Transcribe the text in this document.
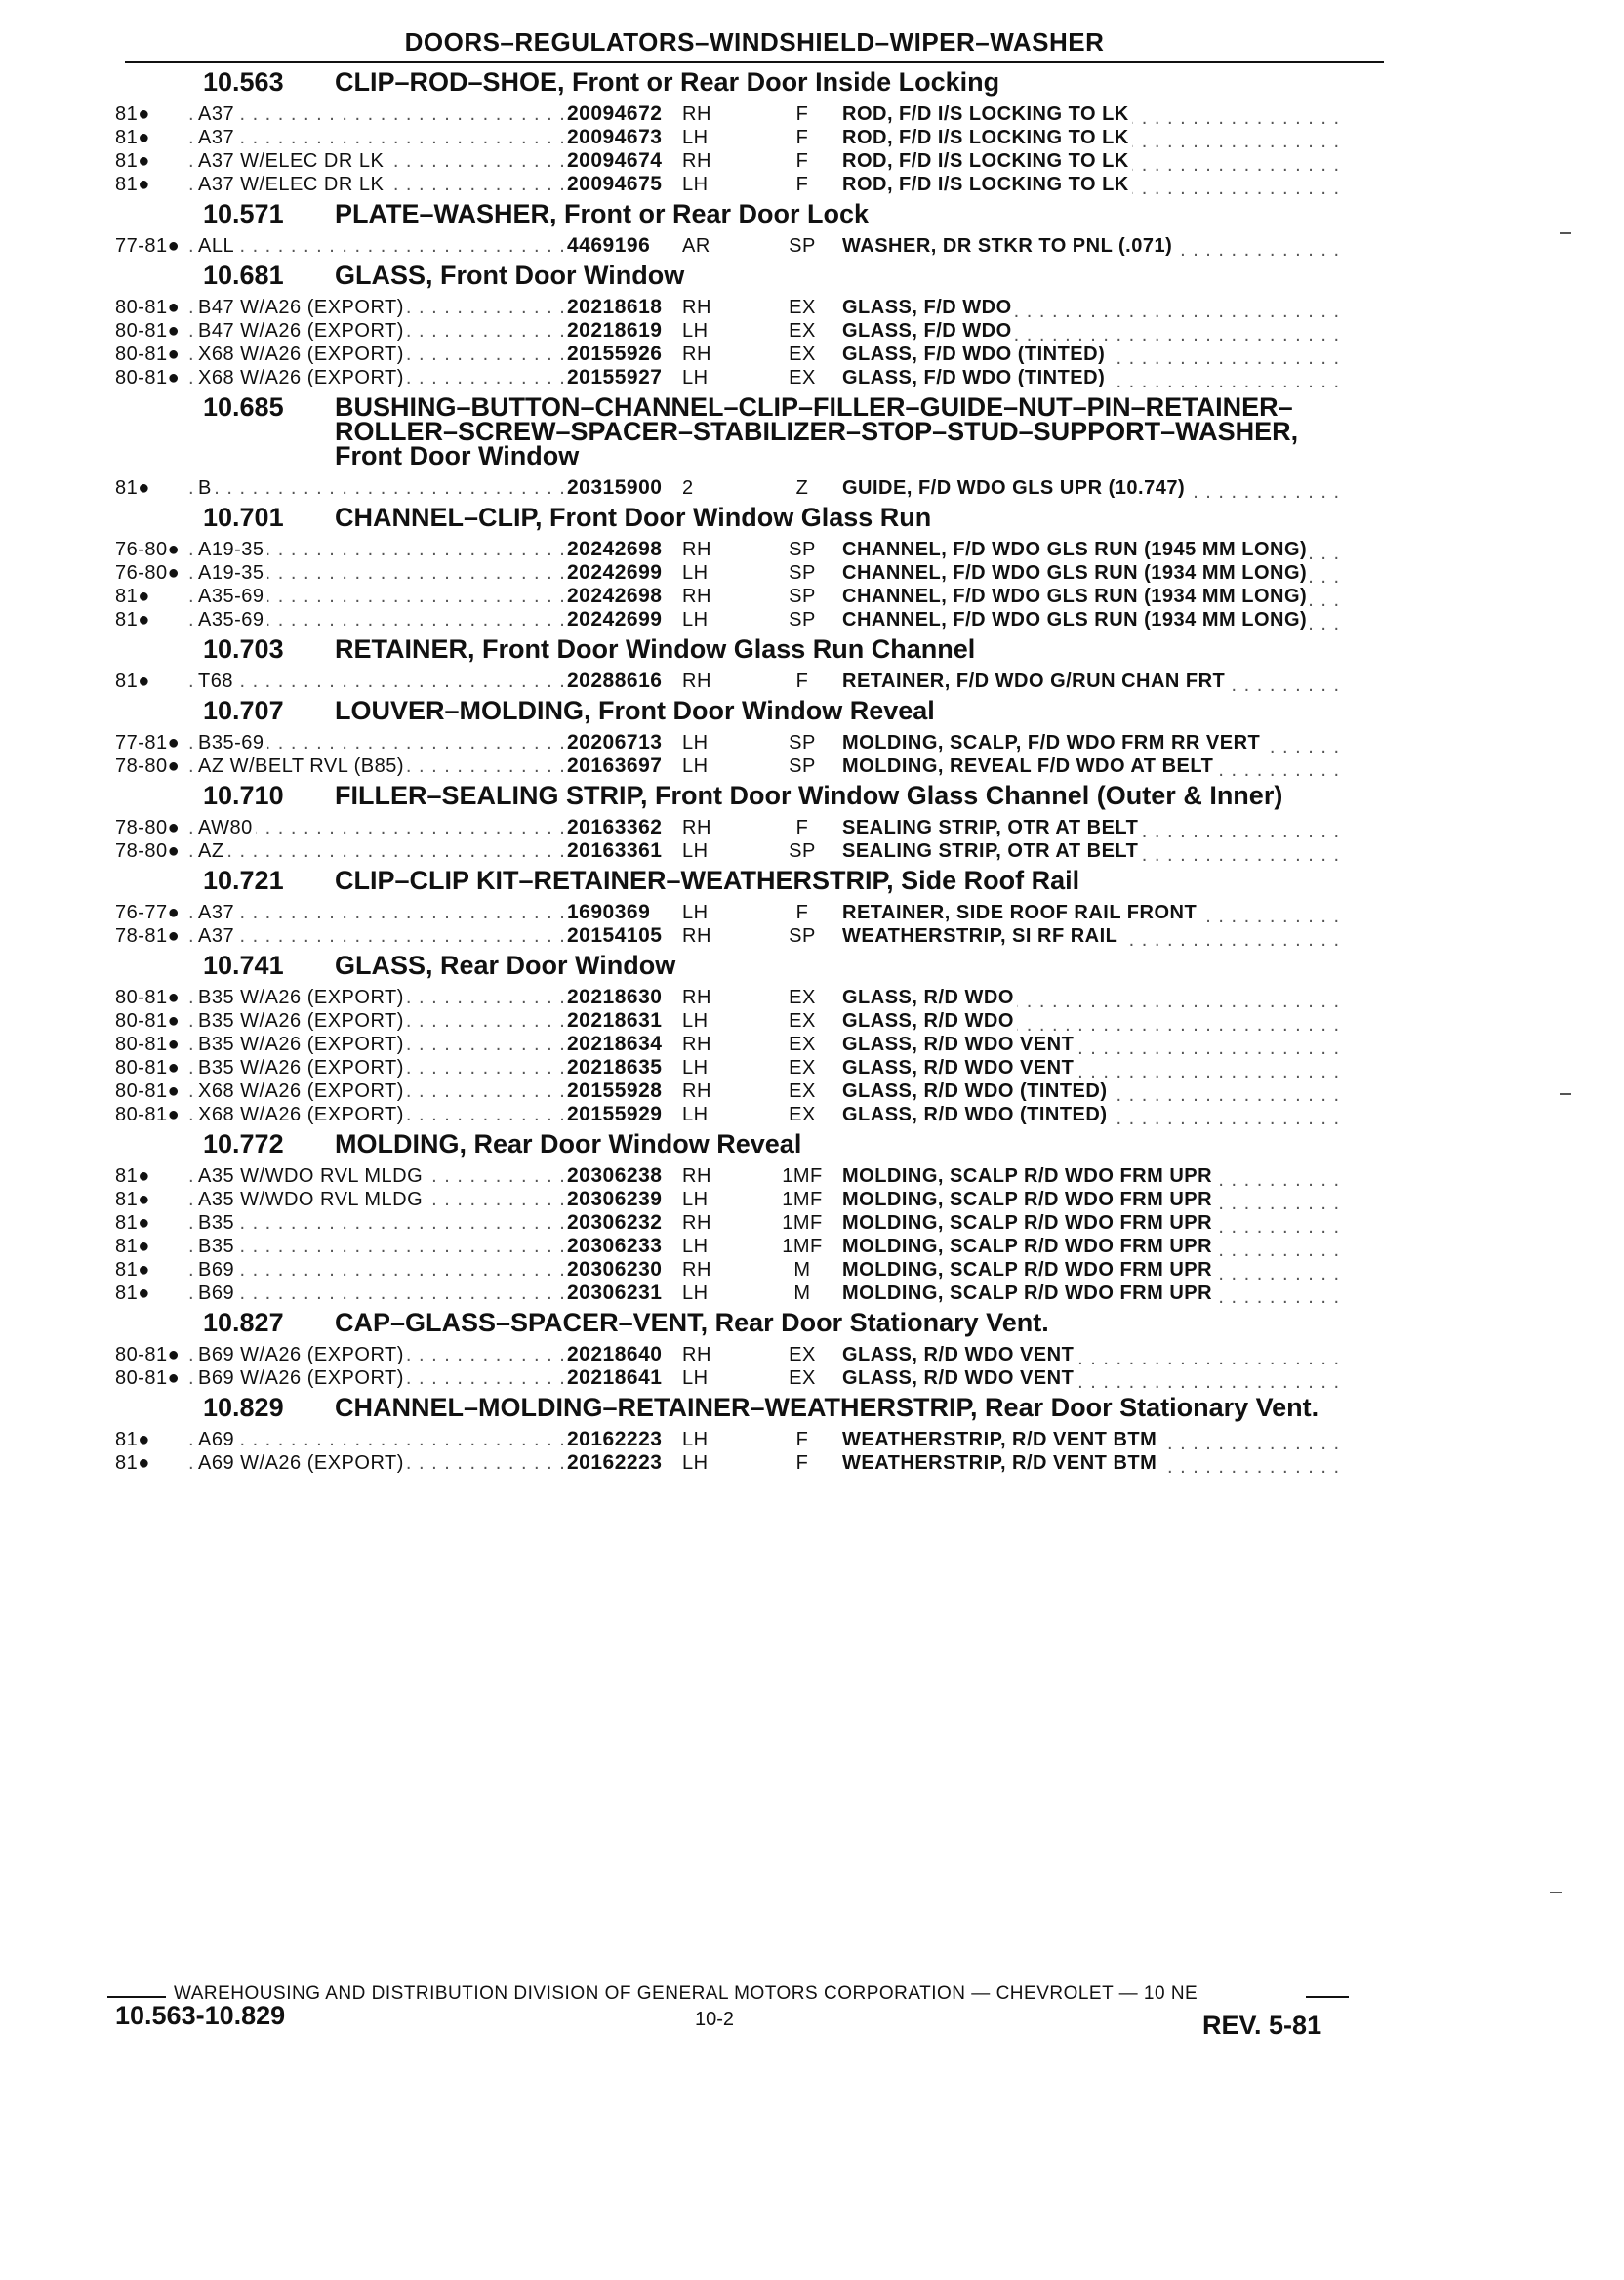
DOORS–REGULATORS–WINDSHIELD–WIPER–WASHER
10.563	CLIP–ROD–SHOE, Front or Rear Door Inside Locking
81●	A37 . . .	20094672	RH	F	ROD, F/D I/S LOCKING TO LK . . .
81●	A37 . . .	20094673	LH	F	ROD, F/D I/S LOCKING TO LK . . .
81●	A37 W/ELEC DR LK . . .	20094674	RH	F	ROD, F/D I/S LOCKING TO LK . . .
81●	A37 W/ELEC DR LK . . .	20094675	LH	F	ROD, F/D I/S LOCKING TO LK . . .
10.571	PLATE–WASHER, Front or Rear Door Lock
77-81● ALL . . .	4469196	AR	SP	WASHER, DR STKR TO PNL (.071) . . .
10.681	GLASS, Front Door Window
80-81● B47 W/A26 (EXPORT) . . .	20218618	RH	EX	GLASS, F/D WDO . . .
80-81● B47 W/A26 (EXPORT) . . .	20218619	LH	EX	GLASS, F/D WDO . . .
80-81● X68 W/A26 (EXPORT) . . .	20155926	RH	EX	GLASS, F/D WDO (TINTED) . . .
80-81● X68 W/A26 (EXPORT) . . .	20155927	LH	EX	GLASS, F/D WDO (TINTED) . . .
10.685	BUSHING–BUTTON–CHANNEL–CLIP–FILLER–GUIDE–NUT–PIN–RETAINER–ROLLER–SCREW–SPACER–STABILIZER–STOP–STUD–SUPPORT–WASHER, Front Door Window
81●	B . . .	20315900	2	Z	GUIDE, F/D WDO GLS UPR (10.747) . . .
10.701	CHANNEL–CLIP, Front Door Window Glass Run
76-80● A19-35 . . .	20242698	RH	SP	CHANNEL, F/D WDO GLS RUN (1945 MM LONG) . . .
76-80● A19-35 . . .	20242699	LH	SP	CHANNEL, F/D WDO GLS RUN (1934 MM LONG) . . .
81●	A35-69 . . .	20242698	RH	SP	CHANNEL, F/D WDO GLS RUN (1934 MM LONG) . . .
81●	A35-69 . . .	20242699	LH	SP	CHANNEL, F/D WDO GLS RUN (1934 MM LONG) . . .
10.703	RETAINER, Front Door Window Glass Run Channel
81●	T68 . . .	20288616	RH	F	RETAINER, F/D WDO G/RUN CHAN FRT . . .
10.707	LOUVER–MOLDING, Front Door Window Reveal
77-81● B35-69 . . .	20206713	LH	SP	MOLDING, SCALP, F/D WDO FRM RR VERT . . .
78-80● AZ W/BELT RVL (B85) . . .	20163697	LH	SP	MOLDING, REVEAL F/D WDO AT BELT . . .
10.710	FILLER–SEALING STRIP, Front Door Window Glass Channel (Outer & Inner)
78-80● AW80 . . .	20163362	RH	F	SEALING STRIP, OTR AT BELT . . .
78-80● AZ . . .	20163361	LH	SP	SEALING STRIP, OTR AT BELT . . .
10.721	CLIP–CLIP KIT–RETAINER–WEATHERSTRIP, Side Roof Rail
76-77● A37 . . .	1690369	LH	F	RETAINER, SIDE ROOF RAIL FRONT . . .
78-81● A37 . . .	20154105	RH	SP	WEATHERSTRIP, SI RF RAIL . . .
10.741	GLASS, Rear Door Window
80-81● B35 W/A26 (EXPORT) . . .	20218630	RH	EX	GLASS, R/D WDO . . .
80-81● B35 W/A26 (EXPORT) . . .	20218631	LH	EX	GLASS, R/D WDO . . .
80-81● B35 W/A26 (EXPORT) . . .	20218634	RH	EX	GLASS, R/D WDO VENT . . .
80-81● B35 W/A26 (EXPORT) . . .	20218635	LH	EX	GLASS, R/D WDO VENT . . .
80-81● X68 W/A26 (EXPORT) . . .	20155928	RH	EX	GLASS, R/D WDO (TINTED) . . .
80-81● X68 W/A26 (EXPORT) . . .	20155929	LH	EX	GLASS, R/D WDO (TINTED) . . .
10.772	MOLDING, Rear Door Window Reveal
81●	A35 W/WDO RVL MLDG . . .	20306238	RH	1MF	MOLDING, SCALP R/D WDO FRM UPR . . .
81●	A35 W/WDO RVL MLDG . . .	20306239	LH	1MF	MOLDING, SCALP R/D WDO FRM UPR . . .
81●	B35 . . .	20306232	RH	1MF	MOLDING, SCALP R/D WDO FRM UPR . . .
81●	B35 . . .	20306233	LH	1MF	MOLDING, SCALP R/D WDO FRM UPR . . .
81●	B69 . . .	20306230	RH	M	MOLDING, SCALP R/D WDO FRM UPR . . .
81●	B69 . . .	20306231	LH	M	MOLDING, SCALP R/D WDO FRM UPR . . .
10.827	CAP–GLASS–SPACER–VENT, Rear Door Stationary Vent.
80-81● B69 W/A26 (EXPORT) . . .	20218640	RH	EX	GLASS, R/D WDO VENT . . .
80-81● B69 W/A26 (EXPORT) . . .	20218641	LH	EX	GLASS, R/D WDO VENT . . .
10.829	CHANNEL–MOLDING–RETAINER–WEATHERSTRIP, Rear Door Stationary Vent.
81●	A69 . . .	20162223	LH	F	WEATHERSTRIP, R/D VENT BTM . . .
81●	A69 W/A26 (EXPORT) . . .	20162223	LH	F	WEATHERSTRIP, R/D VENT BTM . . .
WAREHOUSING AND DISTRIBUTION DIVISION OF GENERAL MOTORS CORPORATION — CHEVROLET — 10 NE
10.563-10.829	10-2	REV. 5-81
